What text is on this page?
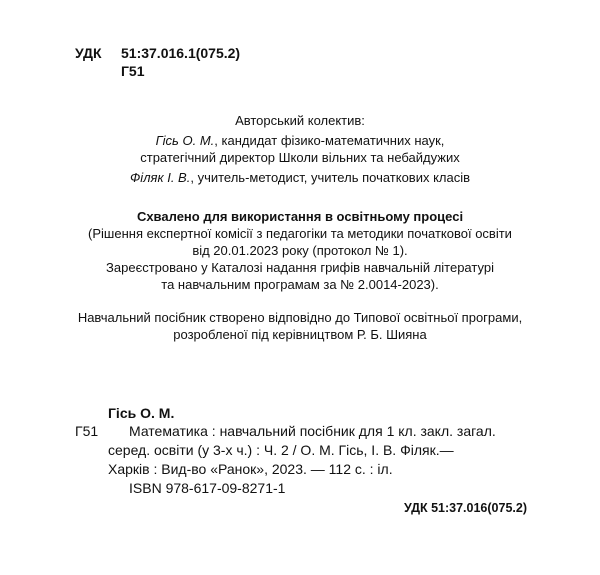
УДК 51:37.016.1(075.2)
Г51
Авторський колектив:
Гісь О. М., кандидат фізико-математичних наук,
стратегічний директор Школи вільних та небайдужих
Філяк І. В., учитель-методист, учитель початкових класів
Схвалено для використання в освітньому процесі
(Рішення експертної комісії з педагогіки та методики початкової освіти
від 20.01.2023 року (протокол № 1).
Зареєстровано у Каталозі надання грифів навчальній літературі
та навчальним програмам за № 2.0014-2023).
Навчальний посібник створено відповідно до Типової освітньої програми,
розробленої під керівництвом Р. Б. Шияна
Гісь О. М.
Г51 Математика : навчальний посібник для 1 кл. закл. загал.
серед. освіти (у 3-х ч.) : Ч. 2 / О. М. Гісь, І. В. Філяк.—
Харків : Вид-во «Ранок», 2023. — 112 с. : іл.
ISBN 978-617-09-8271-1
УДК 51:37.016(075.2)
